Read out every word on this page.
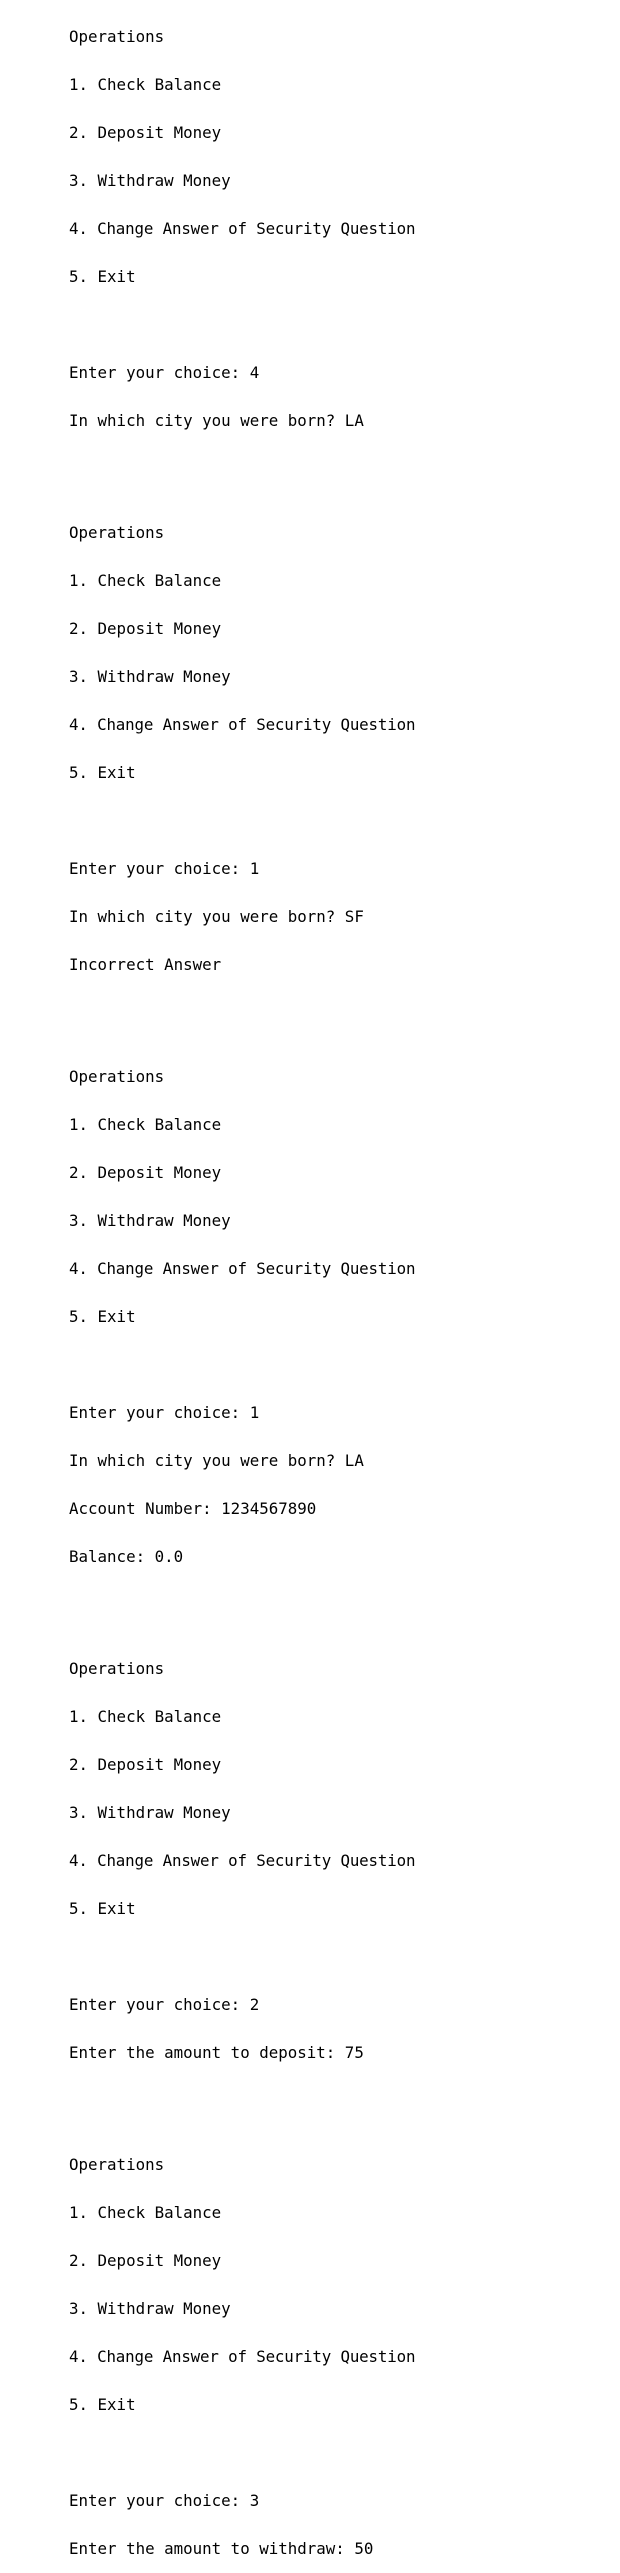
Operations

1. Check Balance

2. Deposit Money

3. Withdraw Money

4. Change Answer of Security Question

5. Exit

Enter your choice: 4

In which city you were born? LA

Operations

1. Check Balance

2. Deposit Money

3. Withdraw Money

4. Change Answer of Security Question

5. Exit

Enter your choice: 1

In which city you were born? SF

Incorrect Answer

Operations

1. Check Balance

2. Deposit Money

3. Withdraw Money

4. Change Answer of Security Question

5. Exit

Enter your choice: 1

In which city you were born? LA

Account Number: 1234567890

Balance: 0.0

Operations

1. Check Balance

2. Deposit Money

3. Withdraw Money

4. Change Answer of Security Question

5. Exit

Enter your choice: 2

Enter the amount to deposit: 75

Operations

1. Check Balance

2. Deposit Money

3. Withdraw Money

4. Change Answer of Security Question

5. Exit

Enter your choice: 3

Enter the amount to withdraw: 50
